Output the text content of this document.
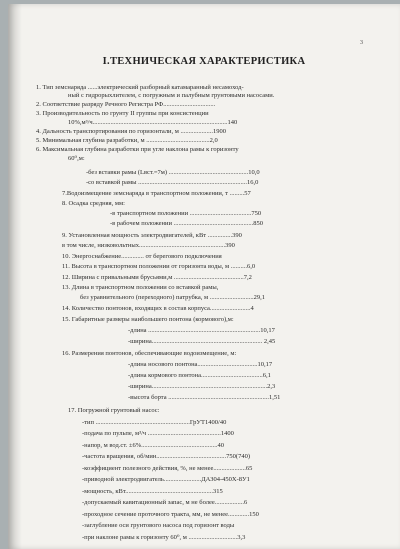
3
I.ТЕХНИЧЕСКАЯ ХАРАКТЕРИСТИКА
1. Тип земснаряда ......электрический разборный катамаранный несамоход-
ный с гидрорыхлителем, с погружным и палубным грунтовыми насосами.
2. Соответствие разряду Речного Регистра РФ................................
3. Производительность по грунту II группы при консистенции
10%,м³/ч...................................................................................140
4. Дальность транспортирования по горизонтали, м ....................1900
5. Минимальная глубина разработки, м .......................................2,0
6. Максимальная глубина разработки при угле наклона рамы к горизонту
60⁰,м:
-без вставки рамы (Lвст.=7м) .................................................10,0
-со вставкой рамы ...................................................................16,0
7.Водоизмещение земснаряда в транспортном положении, т .........57
8. Осадка средняя, мм:
-в транспортном положении ......................................750
-в рабочем положении .................................................850
9. Установленная мощность электродвигателей, кВт ...............390
в том числе, низковольтных.....................................................390
10. Энергоснабжение.............. от берегового подключения
11. Высота в транспортном положении от горизонта воды, м ..........6,0
12. Ширина с привальными брусьями,м ...........................................7,2
13. Длина в транспортном положении со вставкой рамы,
без уравнительного (переходного) патрубка, м ...........................29,1
14. Количество понтонов, входящих в состав корпуса.........................4
15. Габаритные размеры наибольшего понтона (кормового),м:
-длина .....................................................................10,17
-ширина.................................................................... 2,45
16. Размерения понтонов, обеспечивающие водоизмещение, м:
-длина носового понтона.....................................10,17
-длина кормового понтона......................................6,1
-ширина.......................................................................2,3
-высота борта ..............................................................1,51
17. Погружной грунтовый насос:
-тип ..........................................................ГрУТ1400/40
-подача по пульпе, м³/ч .............................................1400
-напор, м вод.ст. ±6%...............................................40
-частота вращения, об/мин...........................................750(740)
-коэффициент полезного действия, %, не менее....................65
-приводной электродвигатель.......................ДАЗ04-450Х-8У1
-мощность, кВт......................................................315
-допускаемый кавитационный запас, м не более..................6
-проходное сечение проточного тракта, мм, не менее.............150
-заглубление оси грунтового насоса под горизонт воды
-при наклоне рамы к горизонту 60⁰, м ..............................3,3
